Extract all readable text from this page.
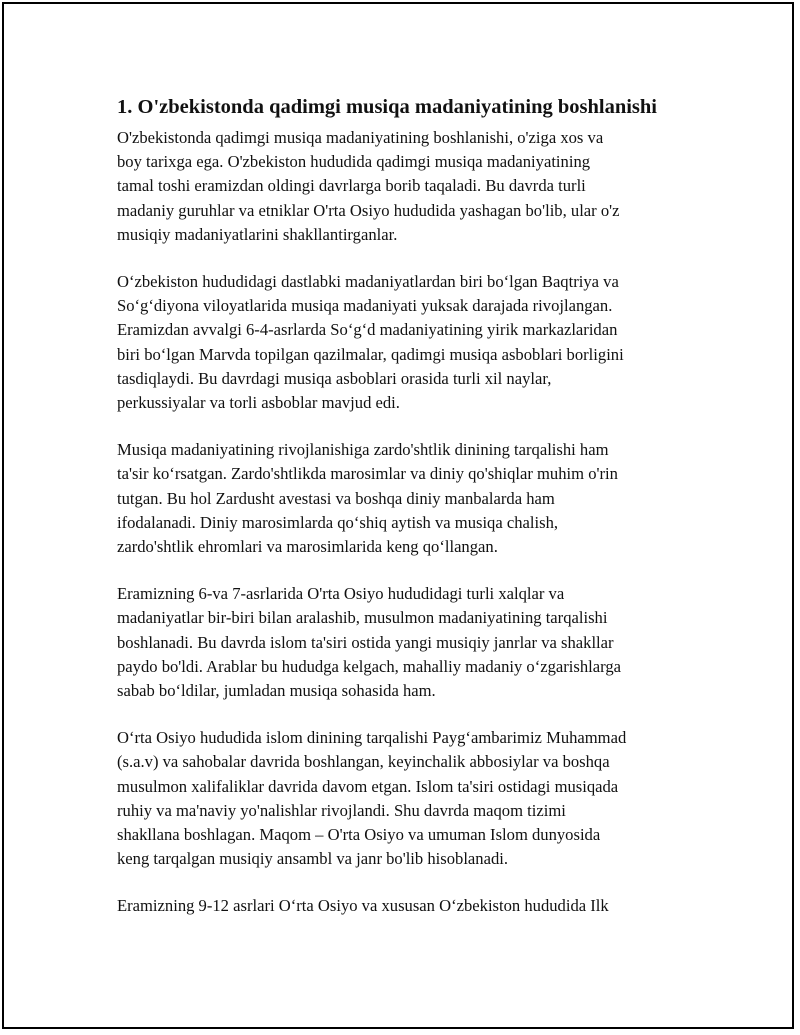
1. O'zbekistonda qadimgi musiqa madaniyatining boshlanishi
O'zbekistonda qadimgi musiqa madaniyatining boshlanishi, o'ziga xos va
boy tarixga ega. O'zbekiston hududida qadimgi musiqa madaniyatining
tamal toshi eramizdan oldingi davrlarga borib taqaladi. Bu davrda turli
madaniy guruhlar va etniklar O'rta Osiyo hududida yashagan bo'lib, ular o'z
musiqiy madaniyatlarini shakllantirganlar.
O‘zbekiston hududidagi dastlabki madaniyatlardan biri bo‘lgan Baqtriya va
So‘g‘diyona viloyatlarida musiqa madaniyati yuksak darajada rivojlangan.
Eramizdan avvalgi 6-4-asrlarda So‘g‘d madaniyatining yirik markazlaridan
biri bo‘lgan Marvda topilgan qazilmalar, qadimgi musiqa asboblari borligini
tasdiqlaydi. Bu davrdagi musiqa asboblari orasida turli xil naylar,
perkussiyalar va torli asboblar mavjud edi.
Musiqa madaniyatining rivojlanishiga zardo'shtlik dinining tarqalishi ham
ta'sir ko‘rsatgan. Zardo'shtlikda marosimlar va diniy qo'shiqlar muhim o'rin
tutgan. Bu hol Zardusht avestasi va boshqa diniy manbalarda ham
ifodalanadi. Diniy marosimlarda qo‘shiq aytish va musiqa chalish,
zardo'shtlik ehromlari va marosimlarida keng qo‘llangan.
Eramizning 6-va 7-asrlarida O'rta Osiyo hududidagi turli xalqlar va
madaniyatlar bir-biri bilan aralashib, musulmon madaniyatining tarqalishi
boshlanadi. Bu davrda islom ta'siri ostida yangi musiqiy janrlar va shakllar
paydo bo'ldi. Arablar bu hududga kelgach, mahalliy madaniy o‘zgarishlarga
sabab bo‘ldilar, jumladan musiqa sohasida ham.
O‘rta Osiyo hududida islom dinining tarqalishi Payg‘ambarimiz Muhammad
(s.a.v) va sahobalar davrida boshlangan, keyinchalik abbosiylar va boshqa
musulmon xalifaliklar davrida davom etgan. Islom ta'siri ostidagi musiqada
ruhiy va ma'naviy yo'nalishlar rivojlandi. Shu davrda maqom tizimi
shakllana boshlagan. Maqom – O'rta Osiyo va umuman Islom dunyosida
keng tarqalgan musiqiy ansambl va janr bo'lib hisoblanadi.
Eramizning 9-12 asrlari O‘rta Osiyo va xususan O‘zbekiston hududida Ilk
